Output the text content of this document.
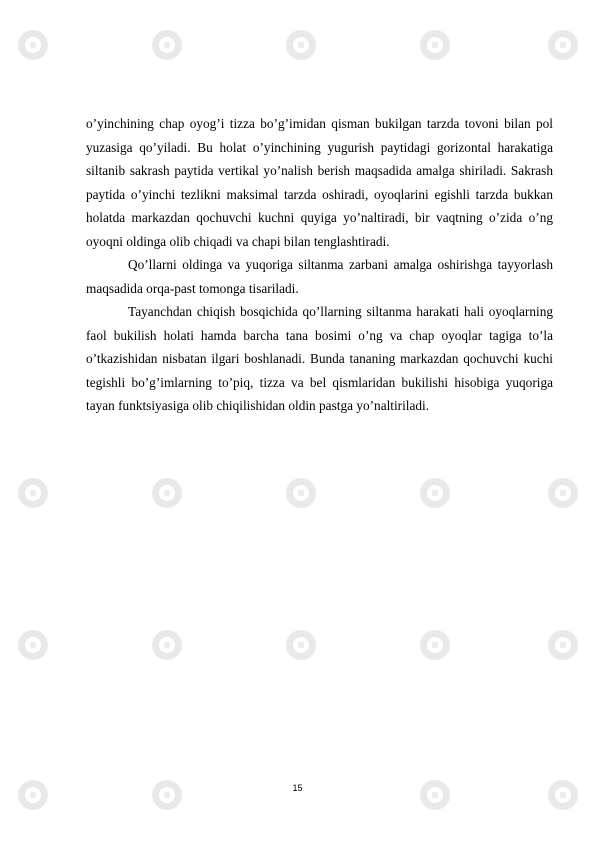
o’yinchining chap oyog’i tizza bo’g’imidan qisman bukilgan tarzda tovoni bilan pol yuzasiga qo’yiladi. Bu holat o’yinchining yugurish paytidagi gorizontal harakatiga siltanib sakrash paytida vertikal yo’nalish berish maqsadida amalga shiriladi. Sakrash paytida o’yinchi tezlikni maksimal tarzda oshiradi, oyoqlarini egishli tarzda bukkan holatda markazdan qochuvchi kuchni quyiga yo’naltiradi, bir vaqtning o’zida o’ng oyoqni oldinga olib chiqadi va chapi bilan tenglashtiradi.

Qo’llarni oldinga va yuqoriga siltanma zarbani amalga oshirishga tayyorlash maqsadida orqa-past tomonga tisariladi.

Tayanchdan chiqish bosqichida qo’llarning siltanma harakati hali oyoqlarning faol bukilish holati hamda barcha tana bosimi o’ng va chap oyoqlar tagiga to’la o’tkazishidan nisbatan ilgari boshlanadi. Bunda tananing markazdan qochuvchi kuchi tegishli bo’g’imlarning to’piq, tizza va bel qismlaridan bukilishi hisobiga yuqoriga tayan funktsiyasiga olib chiqilishidan oldin pastga yo’naltiriladi.

15
